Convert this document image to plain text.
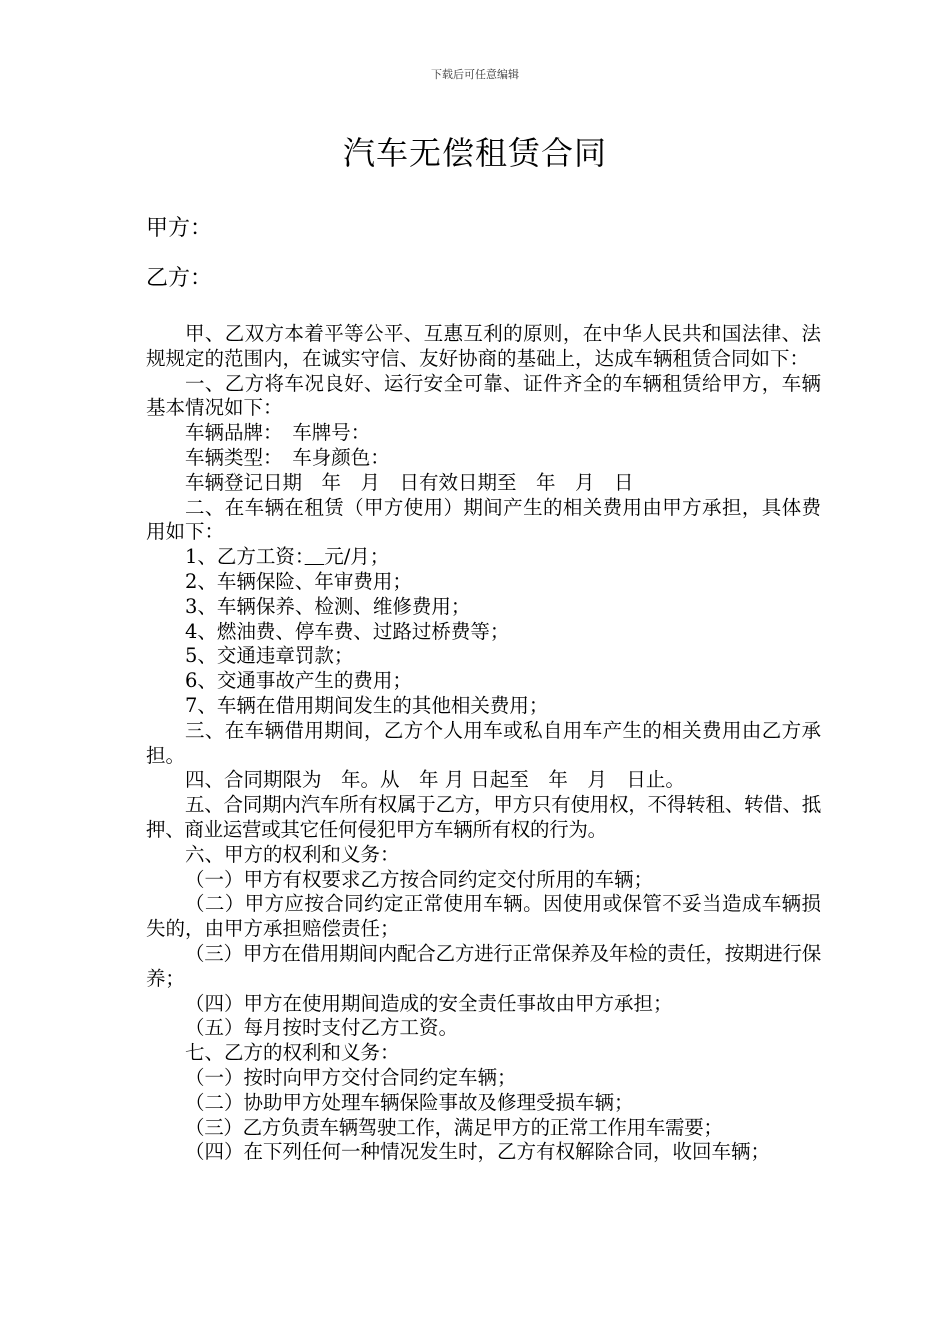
下载后可任意编辑
汽车无偿租赁合同
甲方：
乙方：

甲、乙双方本着平等公平、互惠互利的原则，在中华人民共和国法律、法规规定的范围内，在诚实守信、友好协商的基础上，达成车辆租赁合同如下：

一、乙方将车况良好、运行安全可靠、证件齐全的车辆租赁给甲方，车辆基本情况如下：

车辆品牌：　车牌号：

车辆类型：　车身颜色：

车辆登记日期　年　月　日有效日期至　年　月　日

二、在车辆在租赁（甲方使用）期间产生的相关费用由甲方承担，具体费用如下：

1、乙方工资：　 元/月；

2、车辆保险、年审费用；

3、车辆保养、检测、维修费用；

4、燃油费、停车费、过路过桥费等；

5、交通违章罚款；

6、交通事故产生的费用；

7、车辆在借用期间发生的其他相关费用；

三、在车辆借用期间，乙方个人用车或私自用车产生的相关费用由乙方承担。

四、合同期限为　年。从　年 月 日起至　年　月　日止。

五、合同期内汽车所有权属于乙方，甲方只有使用权，不得转租、转借、抵押、商业运营或其它任何侵犯甲方车辆所有权的行为。

六、甲方的权利和义务：

（一）甲方有权要求乙方按合同约定交付所用的车辆；

（二）甲方应按合同约定正常使用车辆。因使用或保管不妥当造成车辆损失的，由甲方承担赔偿责任；

（三）甲方在借用期间内配合乙方进行正常保养及年检的责任，按期进行保养；

（四）甲方在使用期间造成的安全责任事故由甲方承担；

（五）每月按时支付乙方工资。

七、乙方的权利和义务：

（一）按时向甲方交付合同约定车辆；

（二）协助甲方处理车辆保险事故及修理受损车辆；

（三）乙方负责车辆驾驶工作，满足甲方的正常工作用车需要；

（四）在下列任何一种情况发生时，乙方有权解除合同，收回车辆；
